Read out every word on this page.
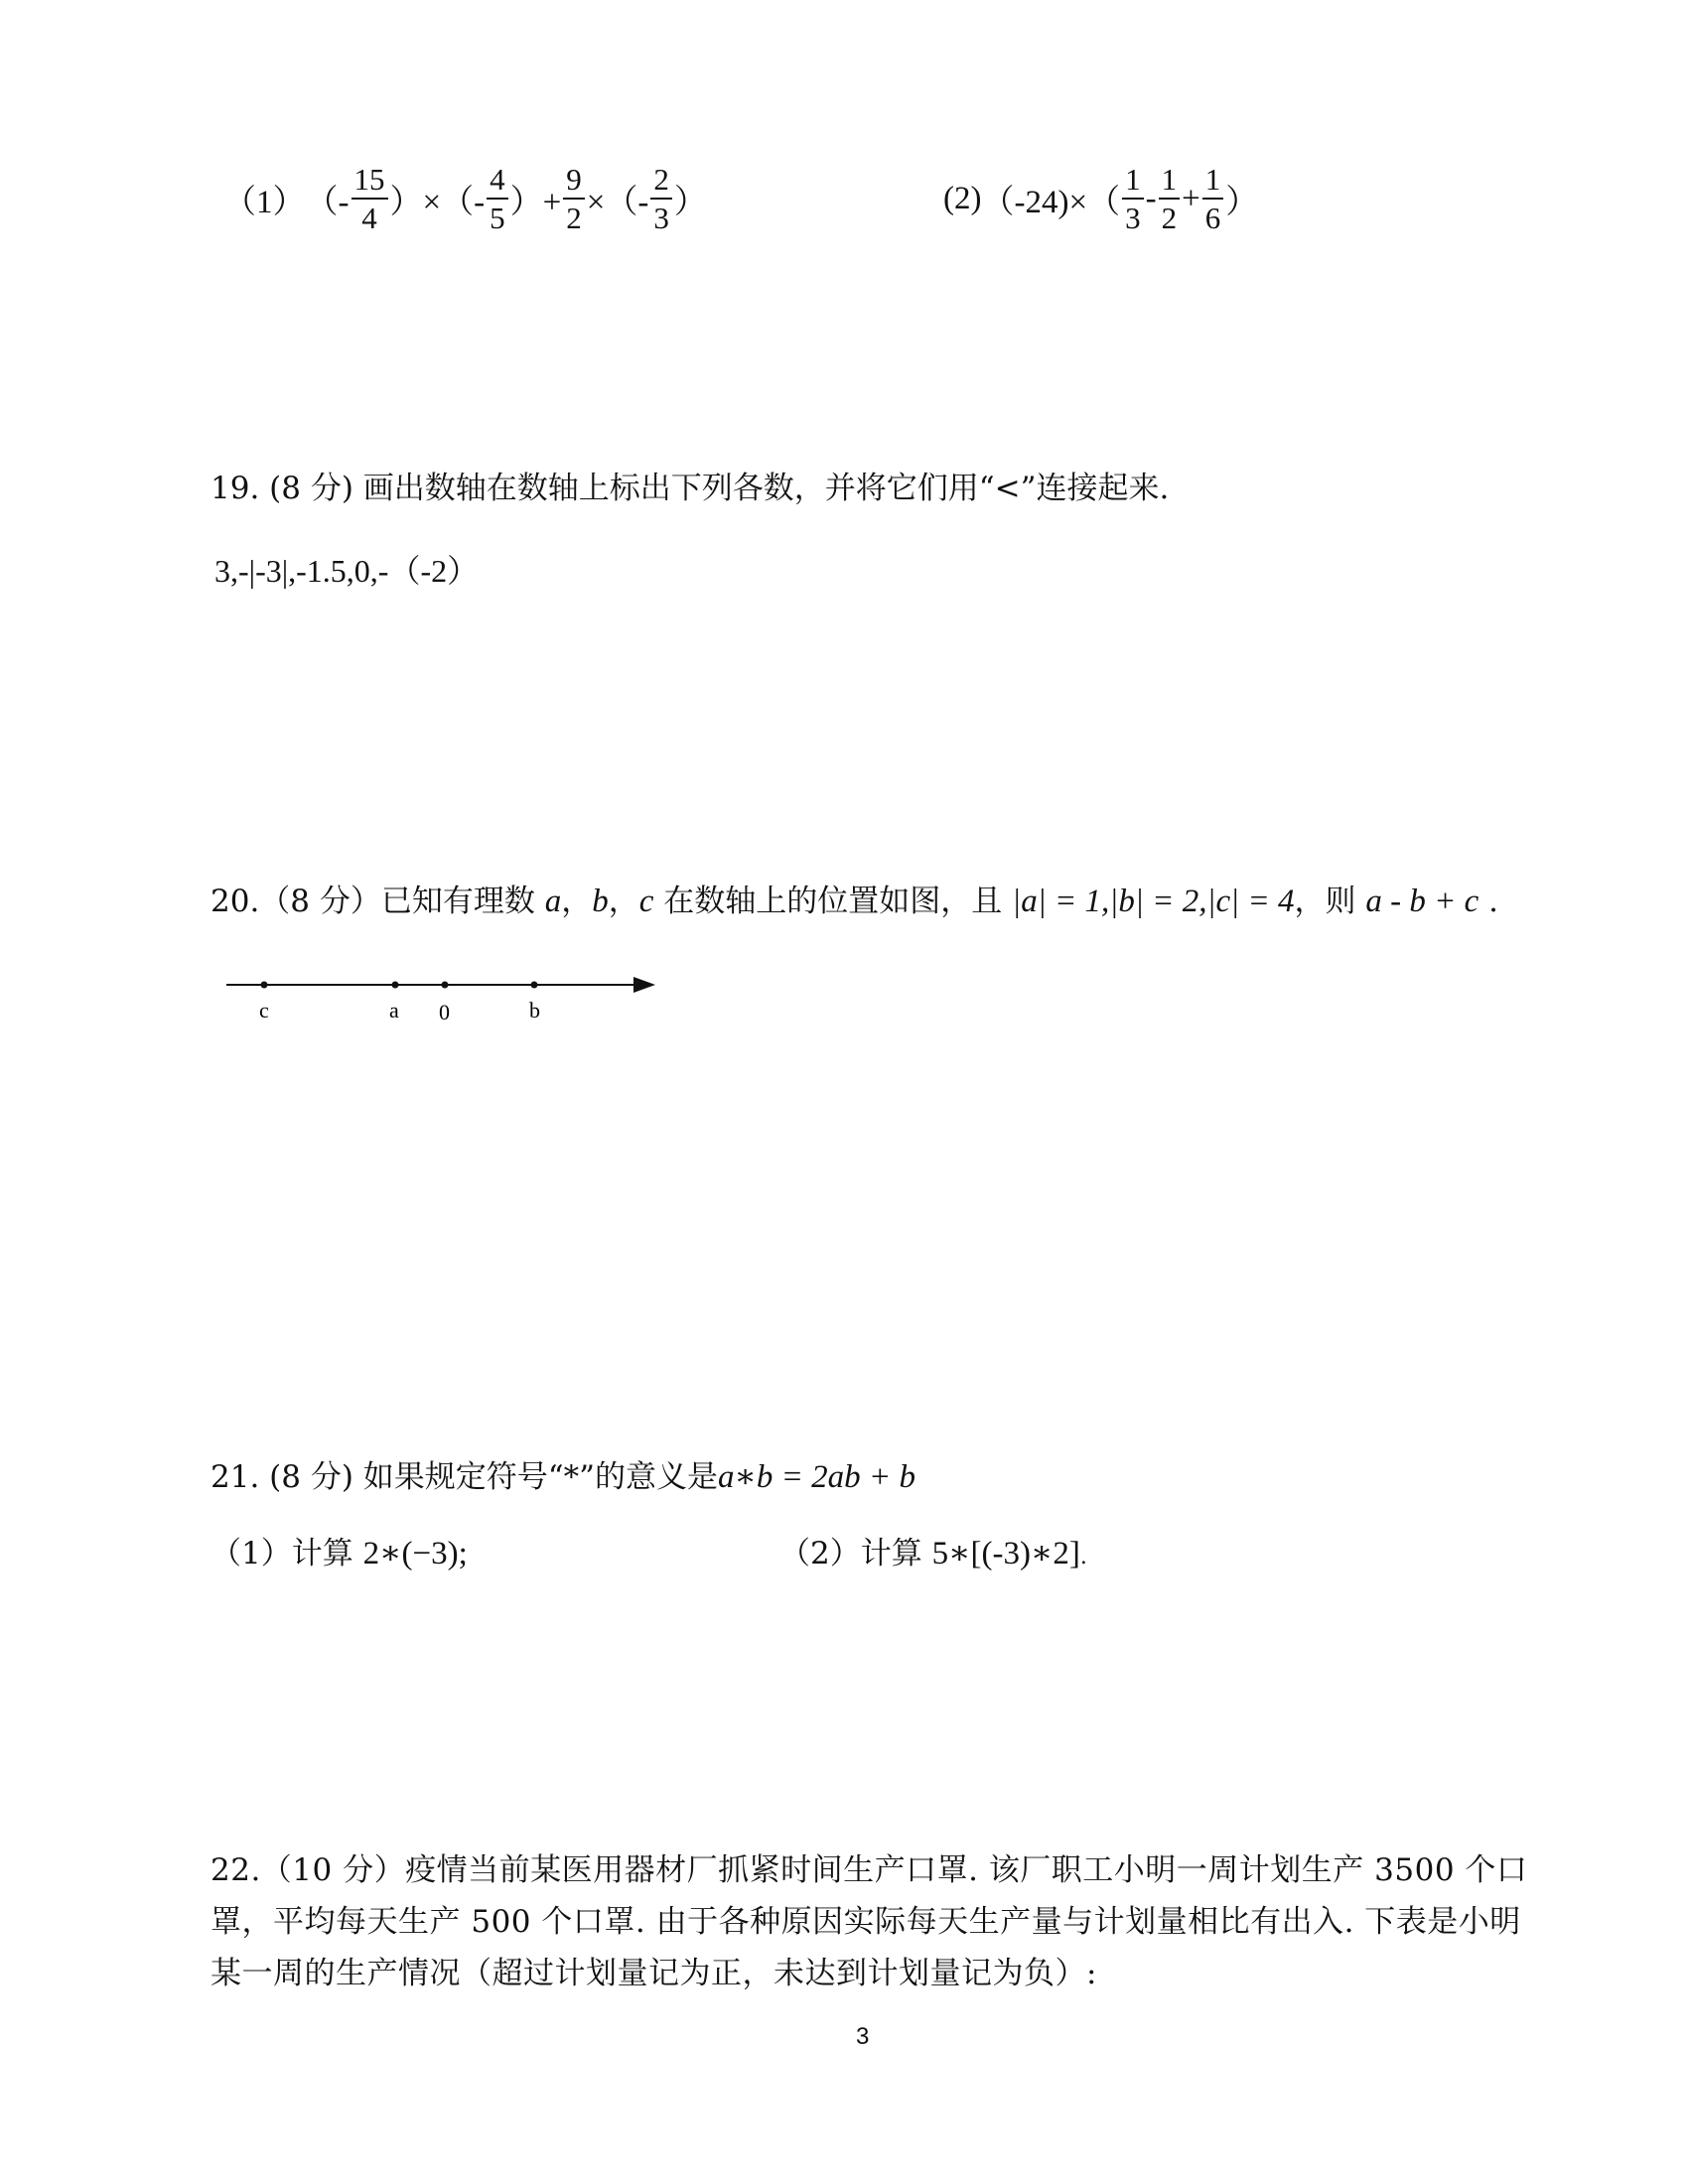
（1） （- $\frac{15}{4}$ ）×（- $\frac{4}{5}$ ）+ $\frac{9}{2}$ ×（- $\frac{2}{3}$ ）	(2) $(-24)\times( \frac{1}{3} - \frac{1}{2} + \frac{1}{6}$ ）
19. (8 分) 画出数轴在数轴上标出下列各数，并将它们用“<”连接起来.
3,-|-3|,-1.5,0,-（-2）
20.（8 分）已知有理数 a，b，c 在数轴上的位置如图，且 |a| = 1,|b| = 2,|c| = 4，则 a - b + c .
c	a 0	b
21. (8 分) 如果规定符号“*”的意义是a∗b = 2ab + b
（1）计算 2∗(−3);	（2）计算 5∗[(-3)∗2].
22.（10 分）疫情当前某医用器材厂抓紧时间生产口罩. 该厂职工小明一周计划生产 3500 个口罩，平均每天生产 500 个口罩. 由于各种原因实际每天生产量与计划量相比有出入. 下表是小明某一周的生产情况（超过计划量记为正，未达到计划量记为负）:
3
